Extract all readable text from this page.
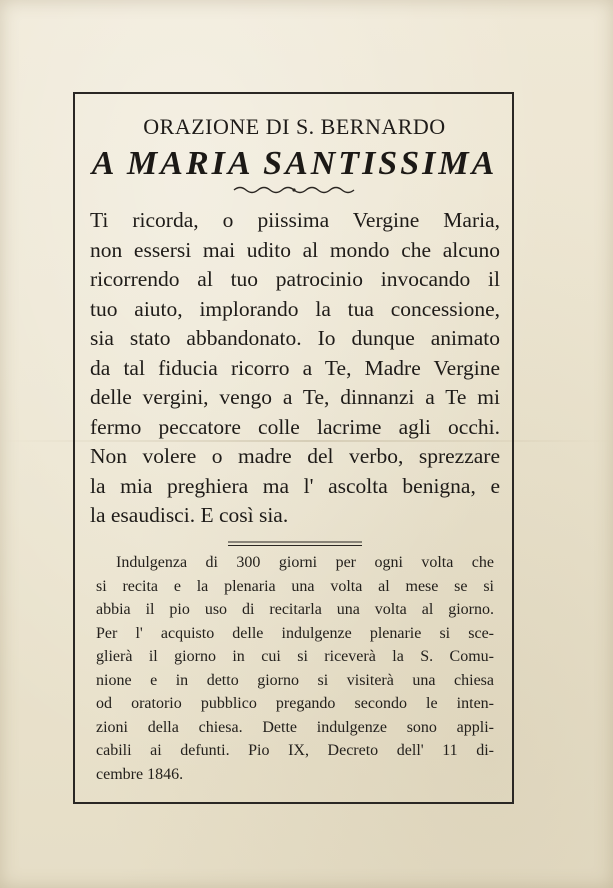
ORAZIONE DI S. BERNARDO
A MARIA SANTISSIMA

Ti ricorda, o piissima Vergine Maria,
non essersi mai udito al mondo che alcuno
ricorrendo al tuo patrocinio invocando il
tuo aiuto, implorando la tua concessione,
sia stato abbandonato. Io dunque animato
da tal fiducia ricorro a Te, Madre Vergine
delle vergini, vengo a Te, dinnanzi a Te mi
fermo peccatore colle lacrime agli occhi.
Non volere o madre del verbo, sprezzare
la mia preghiera ma l' ascolta benigna, e
la esaudisci. E così sia.

Indulgenza di 300 giorni per ogni volta che
si recita e la plenaria una volta al mese se si
abbia il pio uso di recitarla una volta al giorno.
Per l' acquisto delle indulgenze plenarie si sce-
glierà il giorno in cui si riceverà la S. Comu-
nione e in detto giorno si visiterà una chiesa
od oratorio pubblico pregando secondo le inten-
zioni della chiesa. Dette indulgenze sono appli-
cabili ai defunti. Pio IX, Decreto dell' 11 di-
cembre 1846.
